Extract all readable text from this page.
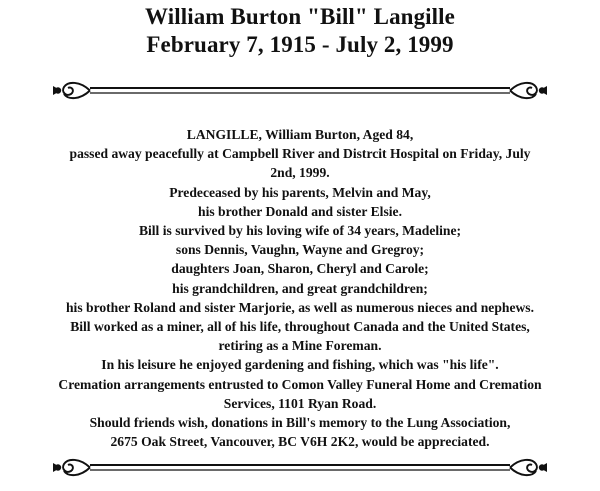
William Burton "Bill" Langille
February 7, 1915 - July 2, 1999
LANGILLE, William Burton, Aged 84,
passed away peacefully at Campbell River and Distrcit Hospital on Friday, July
2nd, 1999.
Predeceased by his parents, Melvin and May,
his brother Donald and sister Elsie.
Bill is survived by his loving wife of 34 years, Madeline;
sons Dennis, Vaughn, Wayne and Gregroy;
daughters Joan, Sharon, Cheryl and Carole;
his grandchildren, and great grandchildren;
his brother Roland and sister Marjorie, as well as numerous nieces and nephews.
Bill worked as a miner, all of his life, throughout Canada and the United States,
retiring as a Mine Foreman.
In his leisure he enjoyed gardening and fishing, which was "his life".
Cremation arrangements entrusted to Comon Valley Funeral Home and Cremation
Services, 1101 Ryan Road.
Should friends wish, donations in Bill's memory to the Lung Association,
2675 Oak Street, Vancouver, BC V6H 2K2, would be appreciated.
